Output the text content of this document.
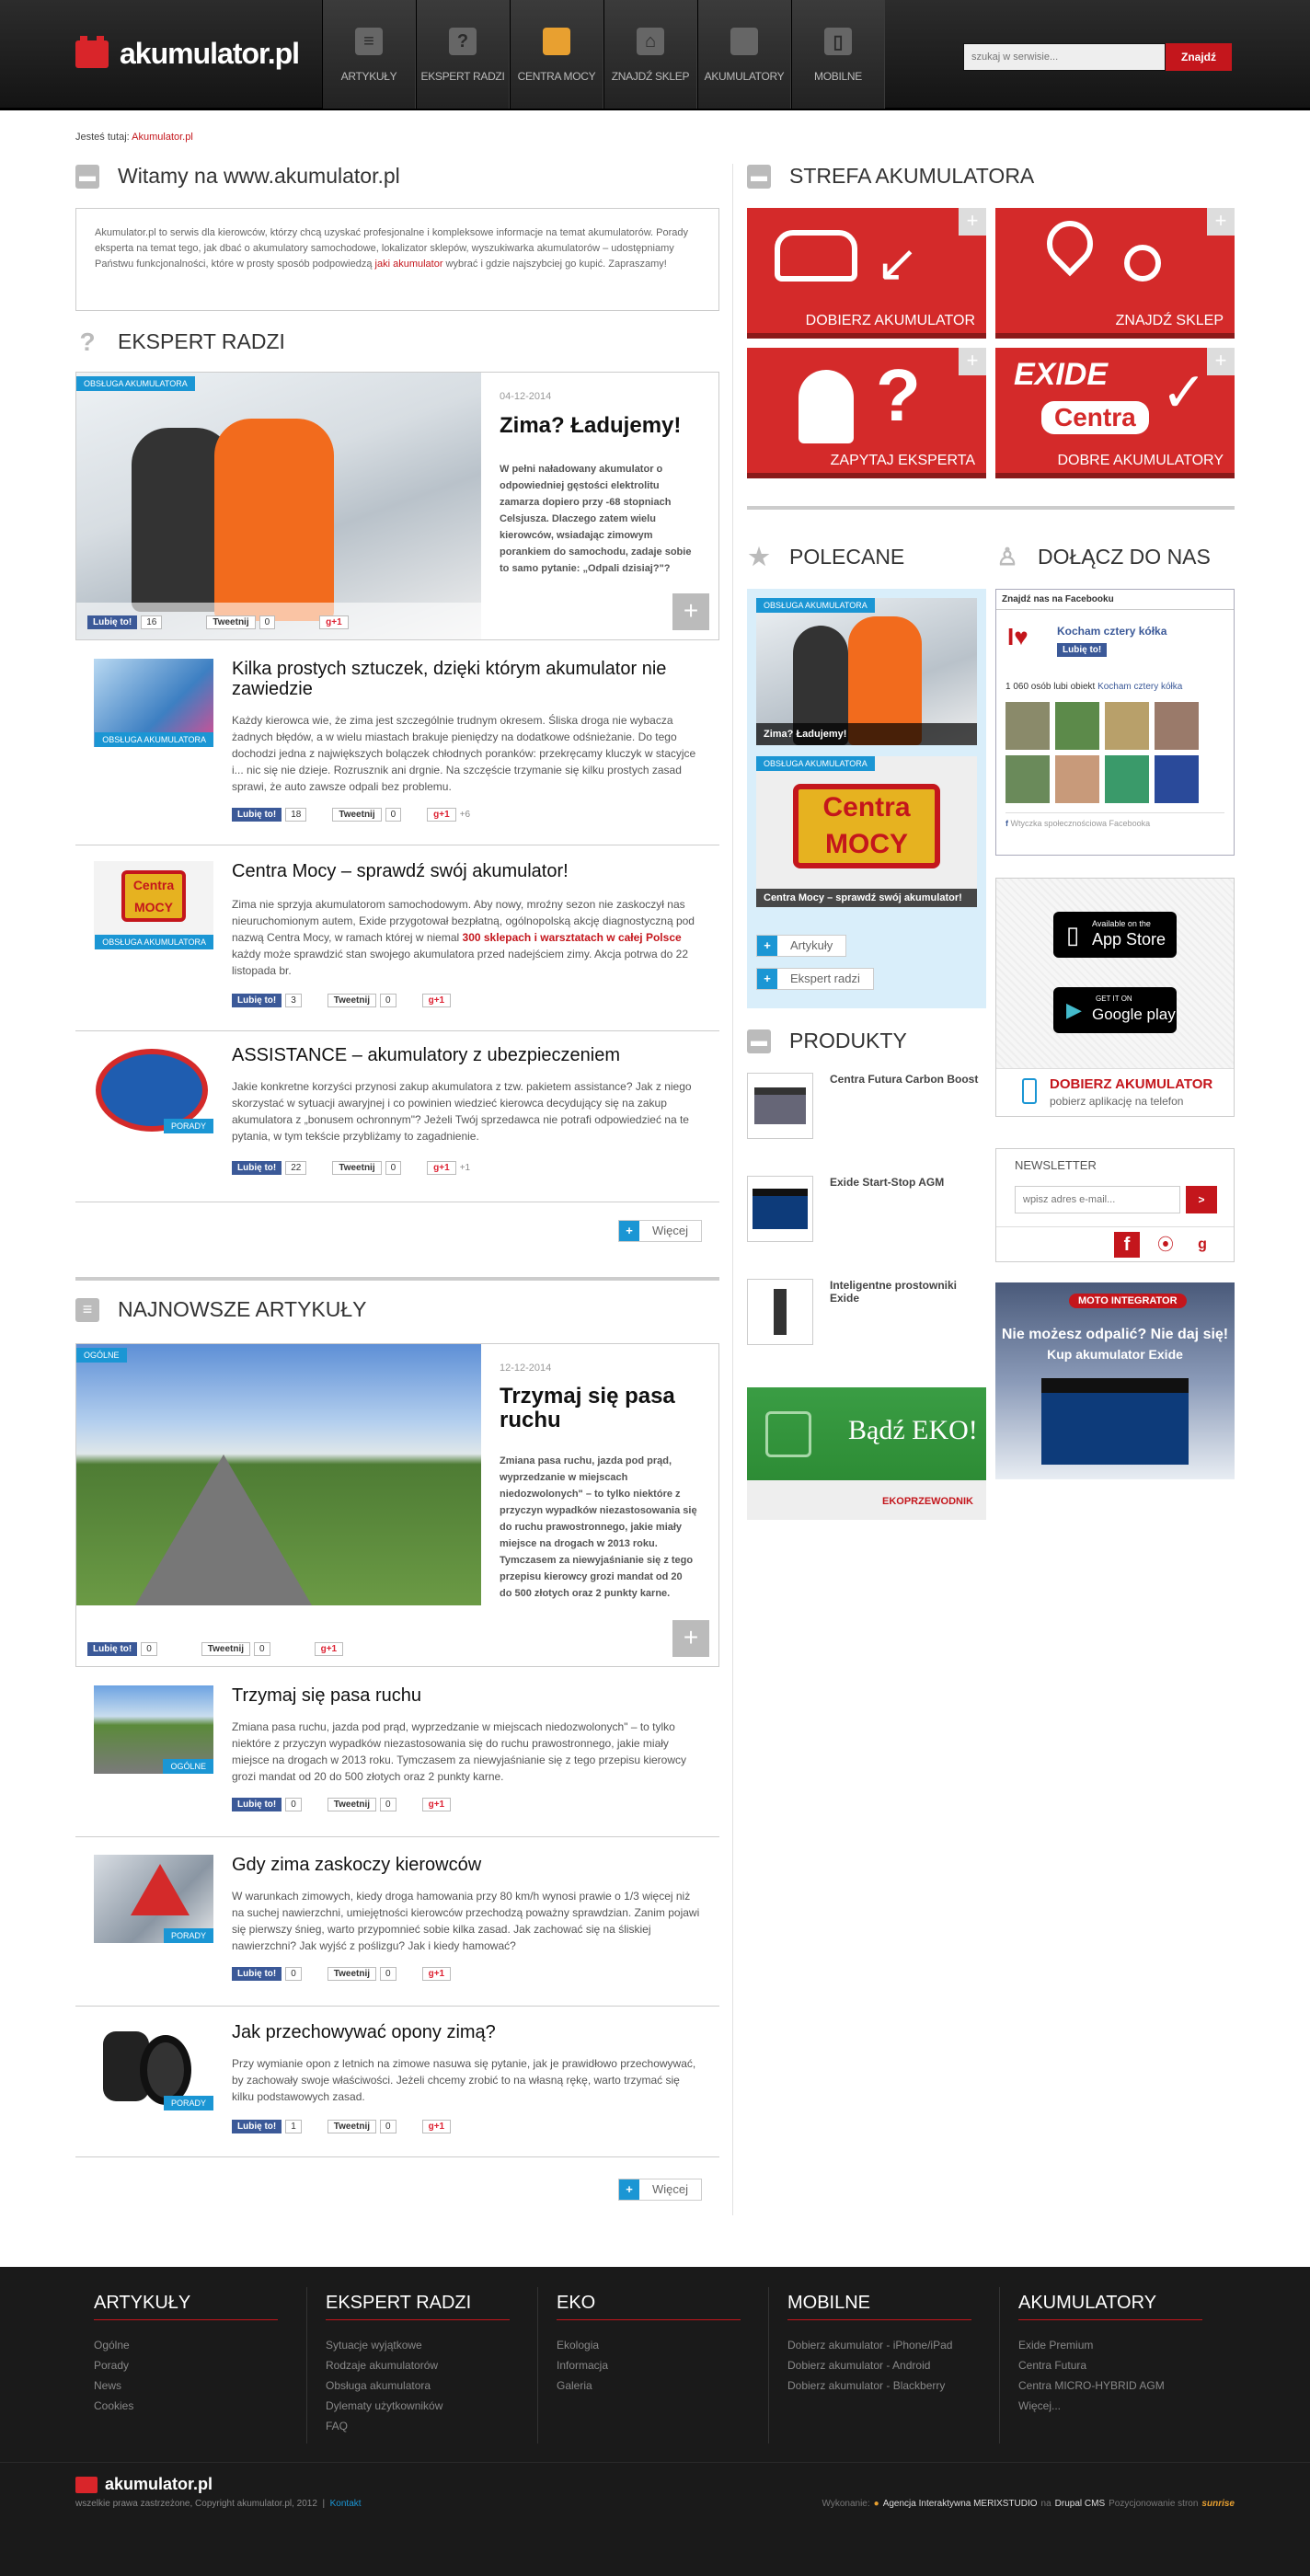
akumulator.pl	≡
ARTYKUŁY
?
EKSPERT RADZI CENTRA MOCY
⌂
ZNAJDŹ SKLEP AKUMULATORY
▯
MOBILNE
szukaj w serwisie...
Znajdź
Jesteś tutaj: Akumulator.pl
▬ Witamy na www.akumulator.pl
Akumulator.pl to serwis dla kierowców, którzy chcą uzyskać profesjonalne i kompleksowe informacje na temat akumulatorów. Porady eksperta na temat tego, jak dbać o akumulatory samochodowe, lokalizator sklepów, wyszukiwarka akumulatorów – udostępniamy Państwu funkcjonalności, które w prosty sposób podpowiedzą jaki akumulator wybrać i gdzie najszybciej go kupić. Zapraszamy!
? EKSPERT RADZI
OBSŁUGA AKUMULATORA
04-12-2014
Zima? Ładujemy!
W pełni naładowany akumulator o odpowiedniej gęstości elektrolitu zamarza dopiero przy -68 stopniach Celsjusza. Dlaczego zatem wielu kierowców, wsiadając zimowym porankiem do samochodu, zadaje sobie to samo pytanie: „Odpali dzisiaj?"?
+
Lubię to!	16	Tweetnij	0	g+1
OBSŁUGA AKUMULATORA
Kilka prostych sztuczek, dzięki którym akumulator nie zawiedzie

Każdy kierowca wie, że zima jest szczególnie trudnym okresem. Śliska droga nie wybacza żadnych błędów, a w wielu miastach brakuje pieniędzy na dodatkowe odśnieżanie. Do tego dochodzi jedna z największych bolączek chłodnych poranków: przekręcamy kluczyk w stacyjce i... nic się nie dzieje. Rozrusznik ani drgnie. Na szczęście trzymanie się kilku prostych zasad sprawi, że auto zawsze odpali bez problemu.

Lubię to!	18	Tweetnij	0	g+1	+6
Centra
MOCY
OBSŁUGA AKUMULATORA
Centra Mocy – sprawdź swój akumulator!

Zima nie sprzyja akumulatorom samochodowym. Aby nowy, mroźny sezon nie zaskoczył nas nieuruchomionym autem, Exide przygotował bezpłatną, ogólnopolską akcję diagnostyczną pod nazwą Centra Mocy, w ramach której w niemal 300 sklepach i warsztatach w całej Polsce każdy może sprawdzić stan swojego akumulatora przed nadejściem zimy. Akcja potrwa do 22 listopada br.

Lubię to!	3	Tweetnij	0	g+1
PORADY
ASSISTANCE – akumulatory z ubezpieczeniem

Jakie konkretne korzyści przynosi zakup akumulatora z tzw. pakietem assistance? Jak z niego skorzystać w sytuacji awaryjnej i co powinien wiedzieć kierowca decydujący się na zakup akumulatora z „bonusem ochronnym"? Jeżeli Twój sprzedawca nie potrafi odpowiedzieć na te pytania, w tym tekście przybliżamy to zagadnienie.

Lubię to!	22	Tweetnij	0	g+1	+1
+	Więcej
≡	NAJNOWSZE ARTYKUŁY
OGÓLNE
12-12-2014
Trzymaj się pasa ruchu
Zmiana pasa ruchu, jazda pod prąd, wyprzedzanie w miejscach niedozwolonych" – to tylko niektóre z przyczyn wypadków niezastosowania się do ruchu prawostronnego, jakie miały miejsce na drogach w 2013 roku. Tymczasem za niewyjaśnianie się z tego przepisu kierowcy grozi mandat od 20 do 500 złotych oraz 2 punkty karne.
+
Lubię to!	0	Tweetnij	0	g+1
OGÓLNE
Trzymaj się pasa ruchu

Zmiana pasa ruchu, jazda pod prąd, wyprzedzanie w miejscach niedozwolonych" – to tylko niektóre z przyczyn wypadków niezastosowania się do ruchu prawostronnego, jakie miały miejsce na drogach w 2013 roku. Tymczasem za niewyjaśnianie się z tego przepisu kierowcy grozi mandat od 20 do 500 złotych oraz 2 punkty karne.

Lubię to!	0	Tweetnij	0	g+1
PORADY
Gdy zima zaskoczy kierowców

W warunkach zimowych, kiedy droga hamowania przy 80 km/h wynosi prawie o 1/3 więcej niż na suchej nawierzchni, umiejętności kierowców przechodzą poważny sprawdzian. Zanim pojawi się pierwszy śnieg, warto przypomnieć sobie kilka zasad. Jak zachować się na śliskiej nawierzchni? Jak wyjść z poślizgu? Jak i kiedy hamować?

Lubię to!	0	Tweetnij	0	g+1
PORADY
Jak przechowywać opony zimą?

Przy wymianie opon z letnich na zimowe nasuwa się pytanie, jak je prawidłowo przechowywać, by zachowały swoje właściwości. Jeżeli chcemy zrobić to na własną rękę, warto trzymać się kilku podstawowych zasad.

Lubię to!	1	Tweetnij	0	g+1
+	Więcej
▬ STREFA AKUMULATORA
↙
+
DOBIERZ AKUMULATOR
+
ZNAJDŹ SKLEP
?	+
ZAPYTAJ EKSPERTA
EXIDE
Centra ✓
+
DOBRE AKUMULATORY
★ POLECANE
OBSŁUGA AKUMULATORA
Zima? Ładujemy!
Centra
MOCY
OBSŁUGA AKUMULATORA
Centra Mocy – sprawdź swój akumulator!
+	Artykuły
+	Ekspert radzi
▬ PRODUKTY
Centra Futura Carbon Boost
Exide Start-Stop AGM
Inteligentne prostowniki Exide
Bądź EKO!
EKOPRZEWODNIK
♙ DOŁĄCZ DO NAS
Znajdź nas na Facebooku
I♥	Kocham cztery kółka
Lubię to!
1 060 osób lubi obiekt Kocham cztery kółka
f Wtyczka społecznościowa Facebooka
▯ Available on the
App Store
▶ GET IT ON
Google play
DOBIERZ AKUMULATOR
pobierz aplikację na telefon
NEWSLETTER
wpisz adres e-mail...
>
f	⦿	g
MOTO INTEGRATOR
Nie możesz odpalić? Nie daj się!
Kup akumulator Exide
ARTYKUŁY
Ogólne
Porady
News
Cookies
EKSPERT RADZI
Sytuacje wyjątkowe
Rodzaje akumulatorów
Obsługa akumulatora
Dylematy użytkowników
FAQ
EKO
Ekologia
Informacja
Galeria
MOBILNE
Dobierz akumulator - iPhone/iPad
Dobierz akumulator - Android
Dobierz akumulator - Blackberry
AKUMULATORY
Exide Premium
Centra Futura
Centra MICRO-HYBRID AGM
Więcej...
akumulator.pl
wszelkie prawa zastrzeżone, Copyright akumulator.pl, 2012  |  Kontakt	Wykonanie: ● Agencja Interaktywna MERIXSTUDIO na Drupal CMS Pozycjonowanie stron sunrise
